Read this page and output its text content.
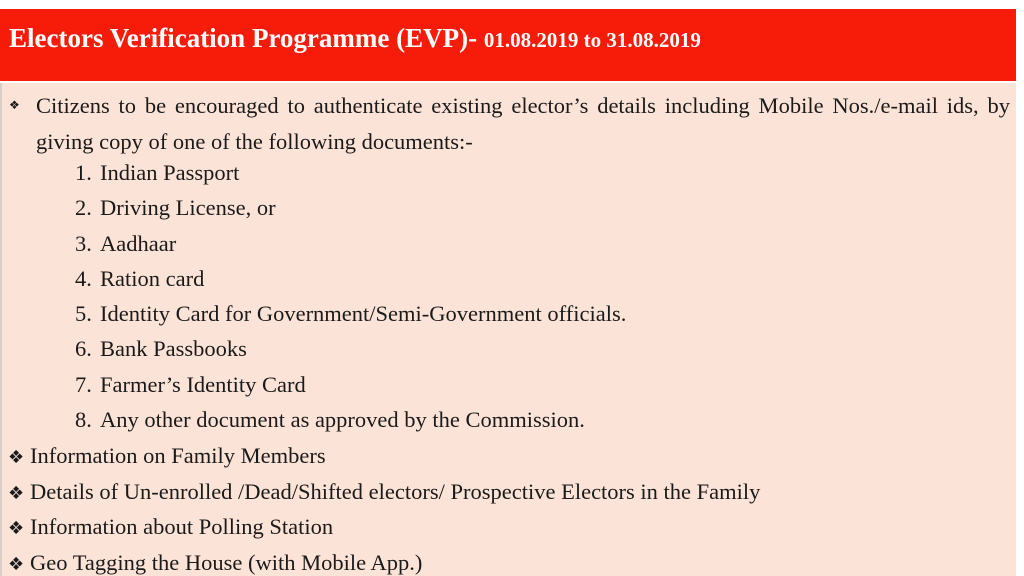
Electors Verification Programme (EVP)- 01.08.2019 to 31.08.2019
❖ Citizens to be encouraged to authenticate existing elector’s details including Mobile Nos./e-mail ids, by giving copy of one of the following documents:-
1. Indian Passport
2. Driving License, or
3. Aadhaar
4. Ration card
5. Identity Card for Government/Semi-Government officials.
6. Bank Passbooks
7. Farmer’s Identity Card
8. Any other document as approved by the Commission.
❖ Information on Family Members
❖ Details of Un-enrolled /Dead/Shifted electors/ Prospective Electors in the Family
❖ Information about Polling Station
❖ Geo Tagging the House (with Mobile App.)
